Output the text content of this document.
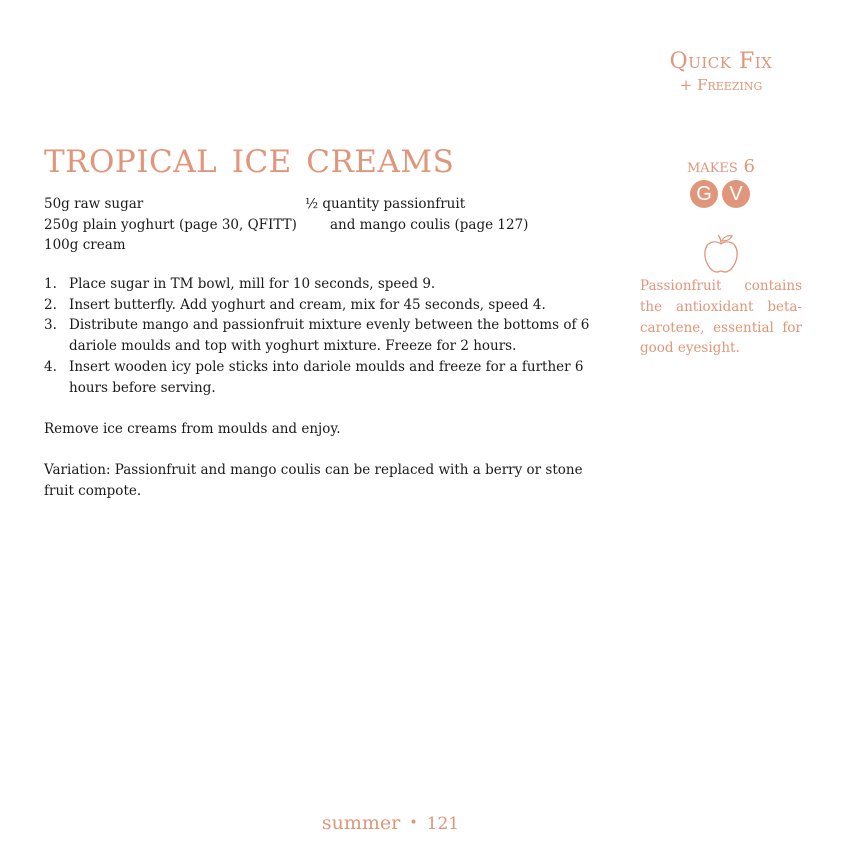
Quick Fix
+ Freezing
tropical ice creams	makes 6
G V

Passionfruit contains the antioxidant beta-carotene, essential for good eyesight.

50g raw sugar
250g plain yoghurt (page 30, QFITT)
100g cream
½ quantity passionfruit
and mango coulis (page 127)
1. Place sugar in TM bowl, mill for 10 seconds, speed 9.
2. Insert butterfly. Add yoghurt and cream, mix for 45 seconds, speed 4.
3. Distribute mango and passionfruit mixture evenly between the bottoms of 6 dariole moulds and top with yoghurt mixture. Freeze for 2 hours.
4. Insert wooden icy pole sticks into dariole moulds and freeze for a further 6 hours before serving.

Remove ice creams from moulds and enjoy.

Variation: Passionfruit and mango coulis can be replaced with a berry or stone fruit compote.

summer • 121
